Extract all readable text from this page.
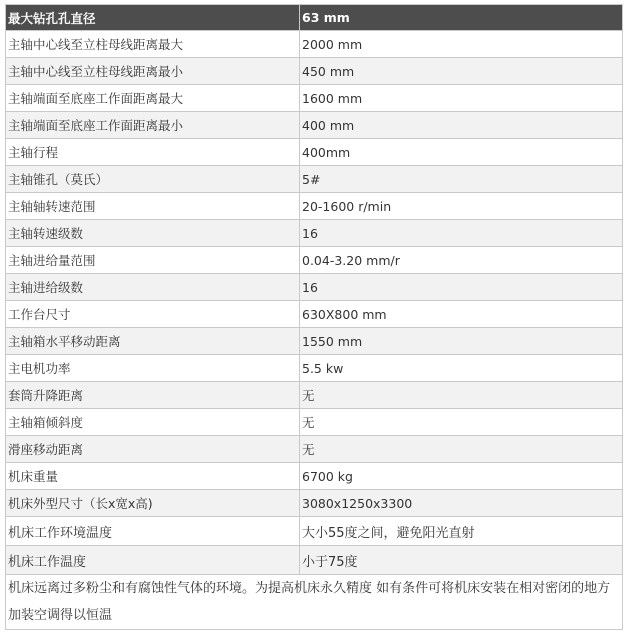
最大钻孔孔直径	63 mm
主轴中心线至立柱母线距离最大	2000 mm
主轴中心线至立柱母线距离最小	450 mm
主轴端面至底座工作面距离最大	1600 mm
主轴端面至底座工作面距离最小	400 mm
主轴行程	400mm
主轴锥孔（莫氏）	5#
主轴轴转速范围	20-1600 r/min
主轴转速级数	16
主轴进给量范围	0.04-3.20 mm/r
主轴进给级数	16
工作台尺寸	630X800 mm
主轴箱水平移动距离	1550 mm
主电机功率	5.5 kw
套筒升降距离	无
主轴箱倾斜度	无
滑座移动距离	无
机床重量	6700 kg
机床外型尺寸（长x宽x高)	3080x1250x3300
机床工作环境温度	大小55度之间，避免阳光直射
机床工作温度	小于75度
机床远离过多粉尘和有腐蚀性气体的环境。为提高机床永久精度 如有条件可将机床安装在相对密闭的地方加装空调得以恒温	
